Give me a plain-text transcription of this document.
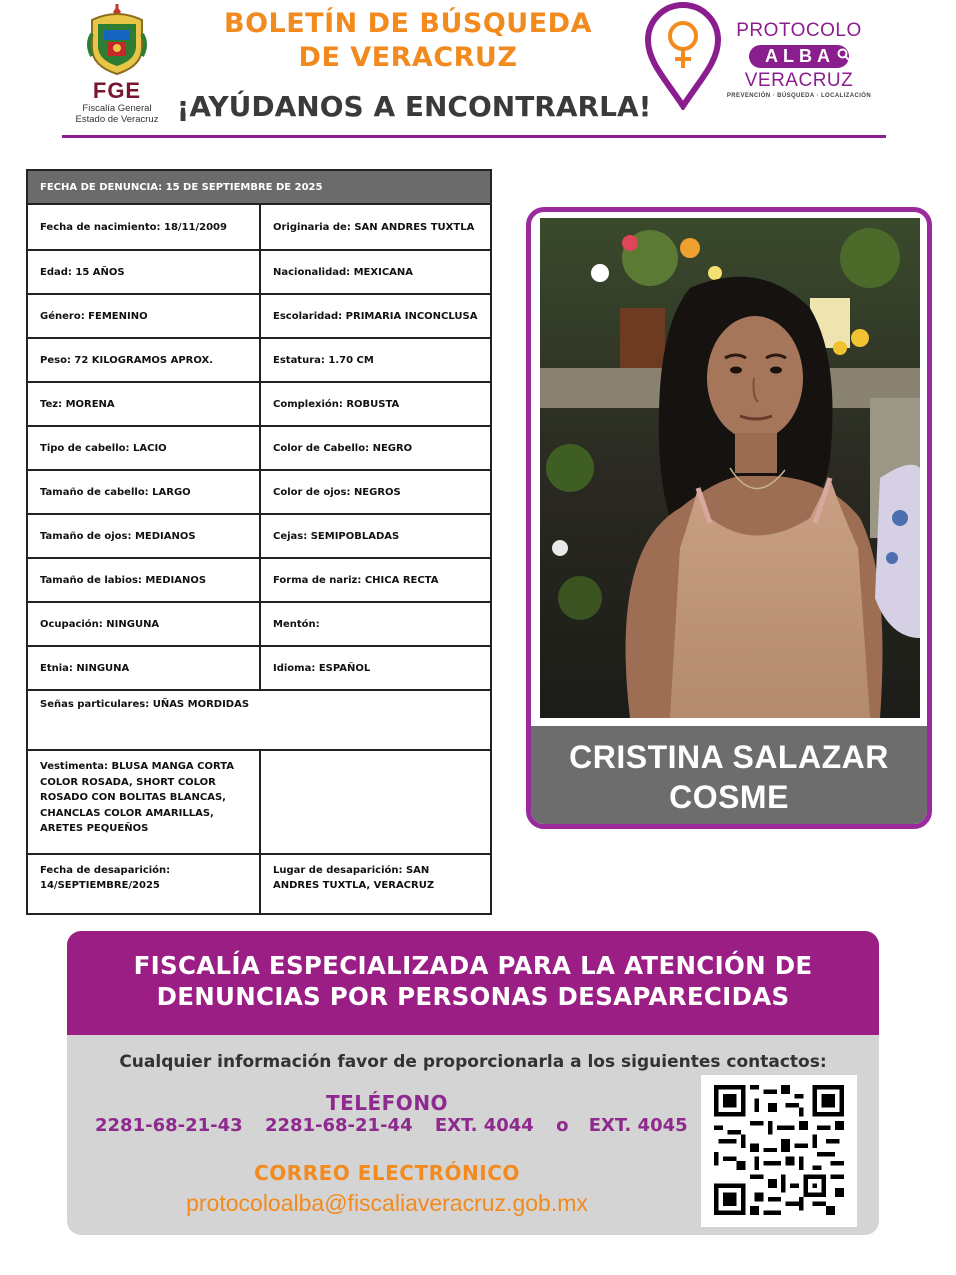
FGE
Fiscalía General
Estado de Veracruz
BOLETÍN DE BÚSQUEDA
DE VERACRUZ
¡AYÚDANOS A ENCONTRARLA!
PROTOCOLO
ALBA
VERACRUZ
PREVENCIÓN · BÚSQUEDA · LOCALIZACIÓN
FECHA DE DENUNCIA: 15 DE SEPTIEMBRE DE 2025
Fecha de nacimiento: 18/11/2009	Originaria de: SAN ANDRES TUXTLA
Edad: 15 AÑOS	Nacionalidad: MEXICANA
Género: FEMENINO	Escolaridad: PRIMARIA INCONCLUSA
Peso: 72 KILOGRAMOS APROX.	Estatura: 1.70 CM
Tez: MORENA	Complexión: ROBUSTA
Tipo de cabello: LACIO	Color de Cabello: NEGRO
Tamaño de cabello: LARGO	Color de ojos: NEGROS
Tamaño de ojos: MEDIANOS	Cejas: SEMIPOBLADAS
Tamaño de labios: MEDIANOS	Forma de nariz: CHICA RECTA
Ocupación: NINGUNA	Mentón:
Etnia: NINGUNA	Idioma: ESPAÑOL
Señas particulares: UÑAS MORDIDAS
Vestimenta: BLUSA MANGA CORTA COLOR ROSADA, SHORT COLOR ROSADO CON BOLITAS BLANCAS, CHANCLAS COLOR AMARILLAS, ARETES PEQUEÑOS
Fecha de desaparición: 14/SEPTIEMBRE/2025
Lugar de desaparición: SAN ANDRES TUXTLA, VERACRUZ
CRISTINA SALAZAR
COSME
FISCALÍA ESPECIALIZADA PARA LA ATENCIÓN DE
DENUNCIAS POR PERSONAS DESAPARECIDAS
Cualquier información favor de proporcionarla a los siguientes contactos:
TELÉFONO
2281-68-21-43 2281-68-21-44 EXT. 4044 o EXT. 4045
CORREO ELECTRÓNICO
protocoloalba@fiscaliaveracruz.gob.mx
